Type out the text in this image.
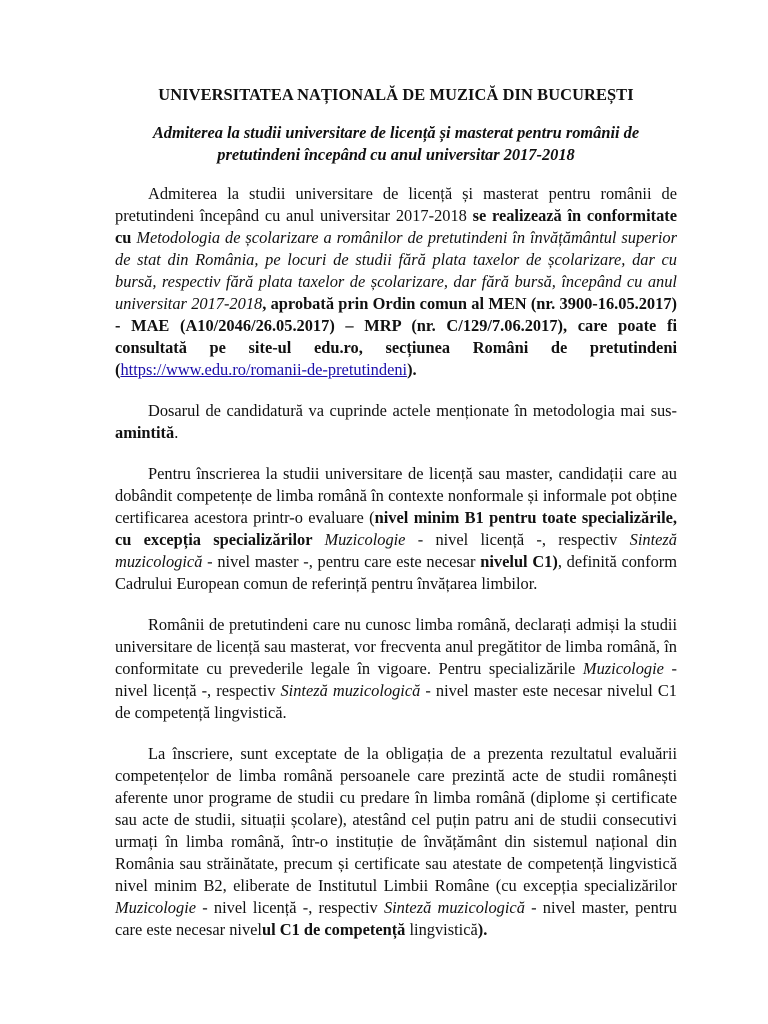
UNIVERSITATEA NAȚIONALĂ DE MUZICĂ DIN BUCUREȘTI
Admiterea la studii universitare de licență și masterat pentru românii de pretutindeni începând cu anul universitar 2017-2018

Admiterea la studii universitare de licență și masterat pentru românii de pretutindeni începând cu anul universitar 2017-2018 se realizează în conformitate cu Metodologia de școlarizare a românilor de pretutindeni în învățământul superior de stat din România, pe locuri de studii fără plata taxelor de școlarizare, dar cu bursă, respectiv fără plata taxelor de școlarizare, dar fără bursă, începând cu anul universitar 2017-2018, aprobată prin Ordin comun al MEN (nr. 3900-16.05.2017) - MAE (A10/2046/26.05.2017) – MRP (nr. C/129/7.06.2017), care poate fi consultată pe site-ul edu.ro, secțiunea Români de pretutindeni (https://www.edu.ro/romanii-de-pretutindeni).

Dosarul de candidatură va cuprinde actele menționate în metodologia mai sus-amintită.

Pentru înscrierea la studii universitare de licență sau master, candidații care au dobândit competențe de limba română în contexte nonformale și informale pot obține certificarea acestora printr-o evaluare (nivel minim B1 pentru toate specializările, cu excepția specializărilor Muzicologie - nivel licență -, respectiv Sinteză muzicologică - nivel master -, pentru care este necesar nivelul C1), definită conform Cadrului European comun de referință pentru învățarea limbilor.

Românii de pretutindeni care nu cunosc limba română, declarați admiși la studii universitare de licență sau masterat, vor frecventa anul pregătitor de limba română, în conformitate cu prevederile legale în vigoare. Pentru specializările Muzicologie - nivel licență -, respectiv Sinteză muzicologică - nivel master este necesar nivelul C1 de competență lingvistică.

La înscriere, sunt exceptate de la obligația de a prezenta rezultatul evaluării competențelor de limba română persoanele care prezintă acte de studii românești aferente unor programe de studii cu predare în limba română (diplome și certificate sau acte de studii, situații școlare), atestând cel puțin patru ani de studii consecutivi urmați în limba română, într-o instituție de învățământ din sistemul național din România sau străinătate, precum și certificate sau atestate de competență lingvistică nivel minim B2, eliberate de Institutul Limbii Române (cu excepția specializărilor Muzicologie - nivel licență -, respectiv Sinteză muzicologică - nivel master, pentru care este necesar nivelul C1 de competență lingvistică).
